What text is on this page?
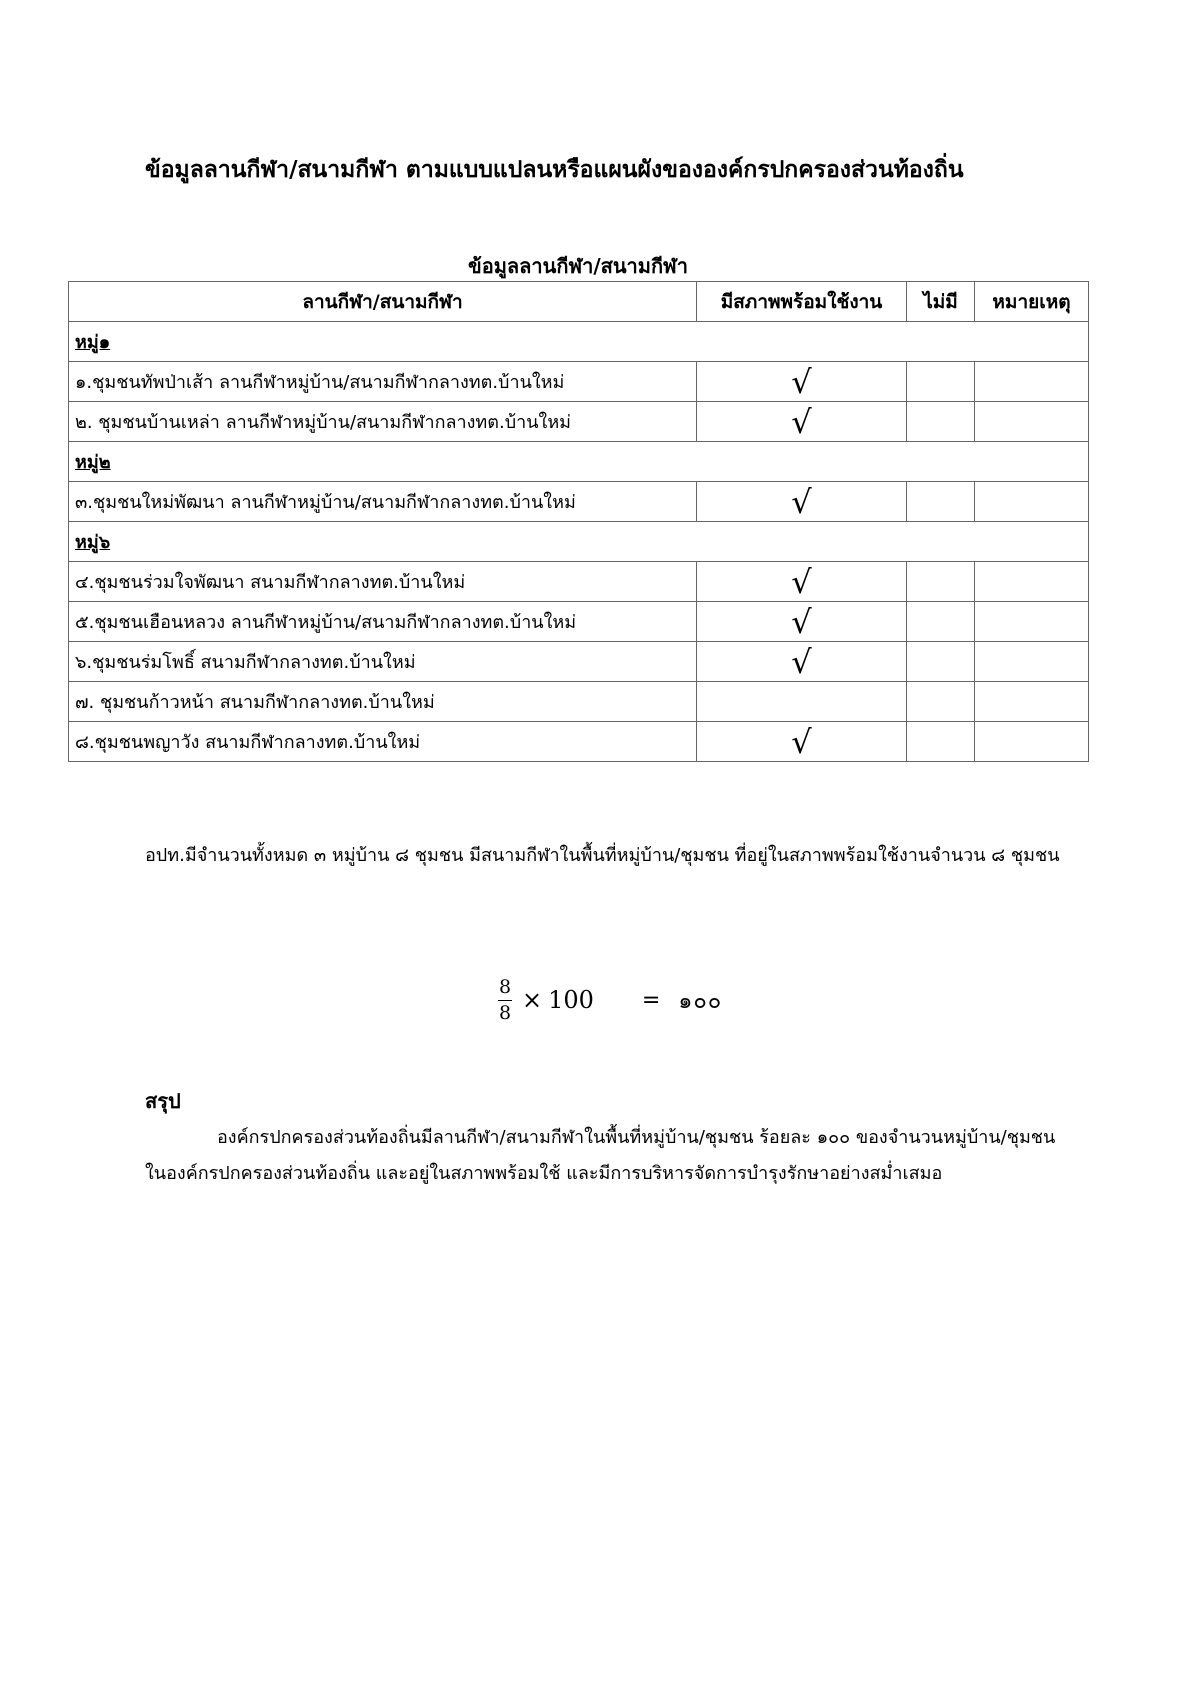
ข้อมูลลานกีฬา/สนามกีฬา ตามแบบแปลนหรือแผนผังขององค์กรปกครองส่วนท้องถิ่น
ข้อมูลลานกีฬา/สนามกีฬา
ลานกีฬา/สนามกีฬา	มีสภาพพร้อมใช้งาน	ไม่มี	หมายเหตุ
หมู่๑			
๑.ชุมชนทัพป่าเส้า ลานกีฬาหมู่บ้าน/สนามกีฬากลางทต.บ้านใหม่	√		
๒. ชุมชนบ้านเหล่า ลานกีฬาหมู่บ้าน/สนามกีฬากลางทต.บ้านใหม่	√		
หมู่๒			
๓.ชุมชนใหม่พัฒนา ลานกีฬาหมู่บ้าน/สนามกีฬากลางทต.บ้านใหม่	√		
หมู่๖			
๔.ชุมชนร่วมใจพัฒนา สนามกีฬากลางทต.บ้านใหม่	√		
๕.ชุมชนเฮือนหลวง ลานกีฬาหมู่บ้าน/สนามกีฬากลางทต.บ้านใหม่	√		
๖.ชุมชนร่มโพธิ์ สนามกีฬากลางทต.บ้านใหม่	√		
๗. ชุมชนก้าวหน้า สนามกีฬากลางทต.บ้านใหม่			
๘.ชุมชนพญาวัง สนามกีฬากลางทต.บ้านใหม่	√		

อปท.มีจำนวนทั้งหมด ๓ หมู่บ้าน ๘ ชุมชน มีสนามกีฬาในพื้นที่หมู่บ้าน/ชุมชน ที่อยู่ในสภาพพร้อมใช้งานจำนวน ๘ ชุมชน

$\frac{8}{8} \times 100$ = ๑๐๐
สรุป

องค์กรปกครองส่วนท้องถิ่นมีลานกีฬา/สนามกีฬาในพื้นที่หมู่บ้าน/ชุมชน ร้อยละ ๑๐๐ ของจำนวนหมู่บ้าน/ชุมชนในองค์กรปกครองส่วนท้องถิ่น และอยู่ในสภาพพร้อมใช้ และมีการบริหารจัดการบำรุงรักษาอย่างสม่ำเสมอ
